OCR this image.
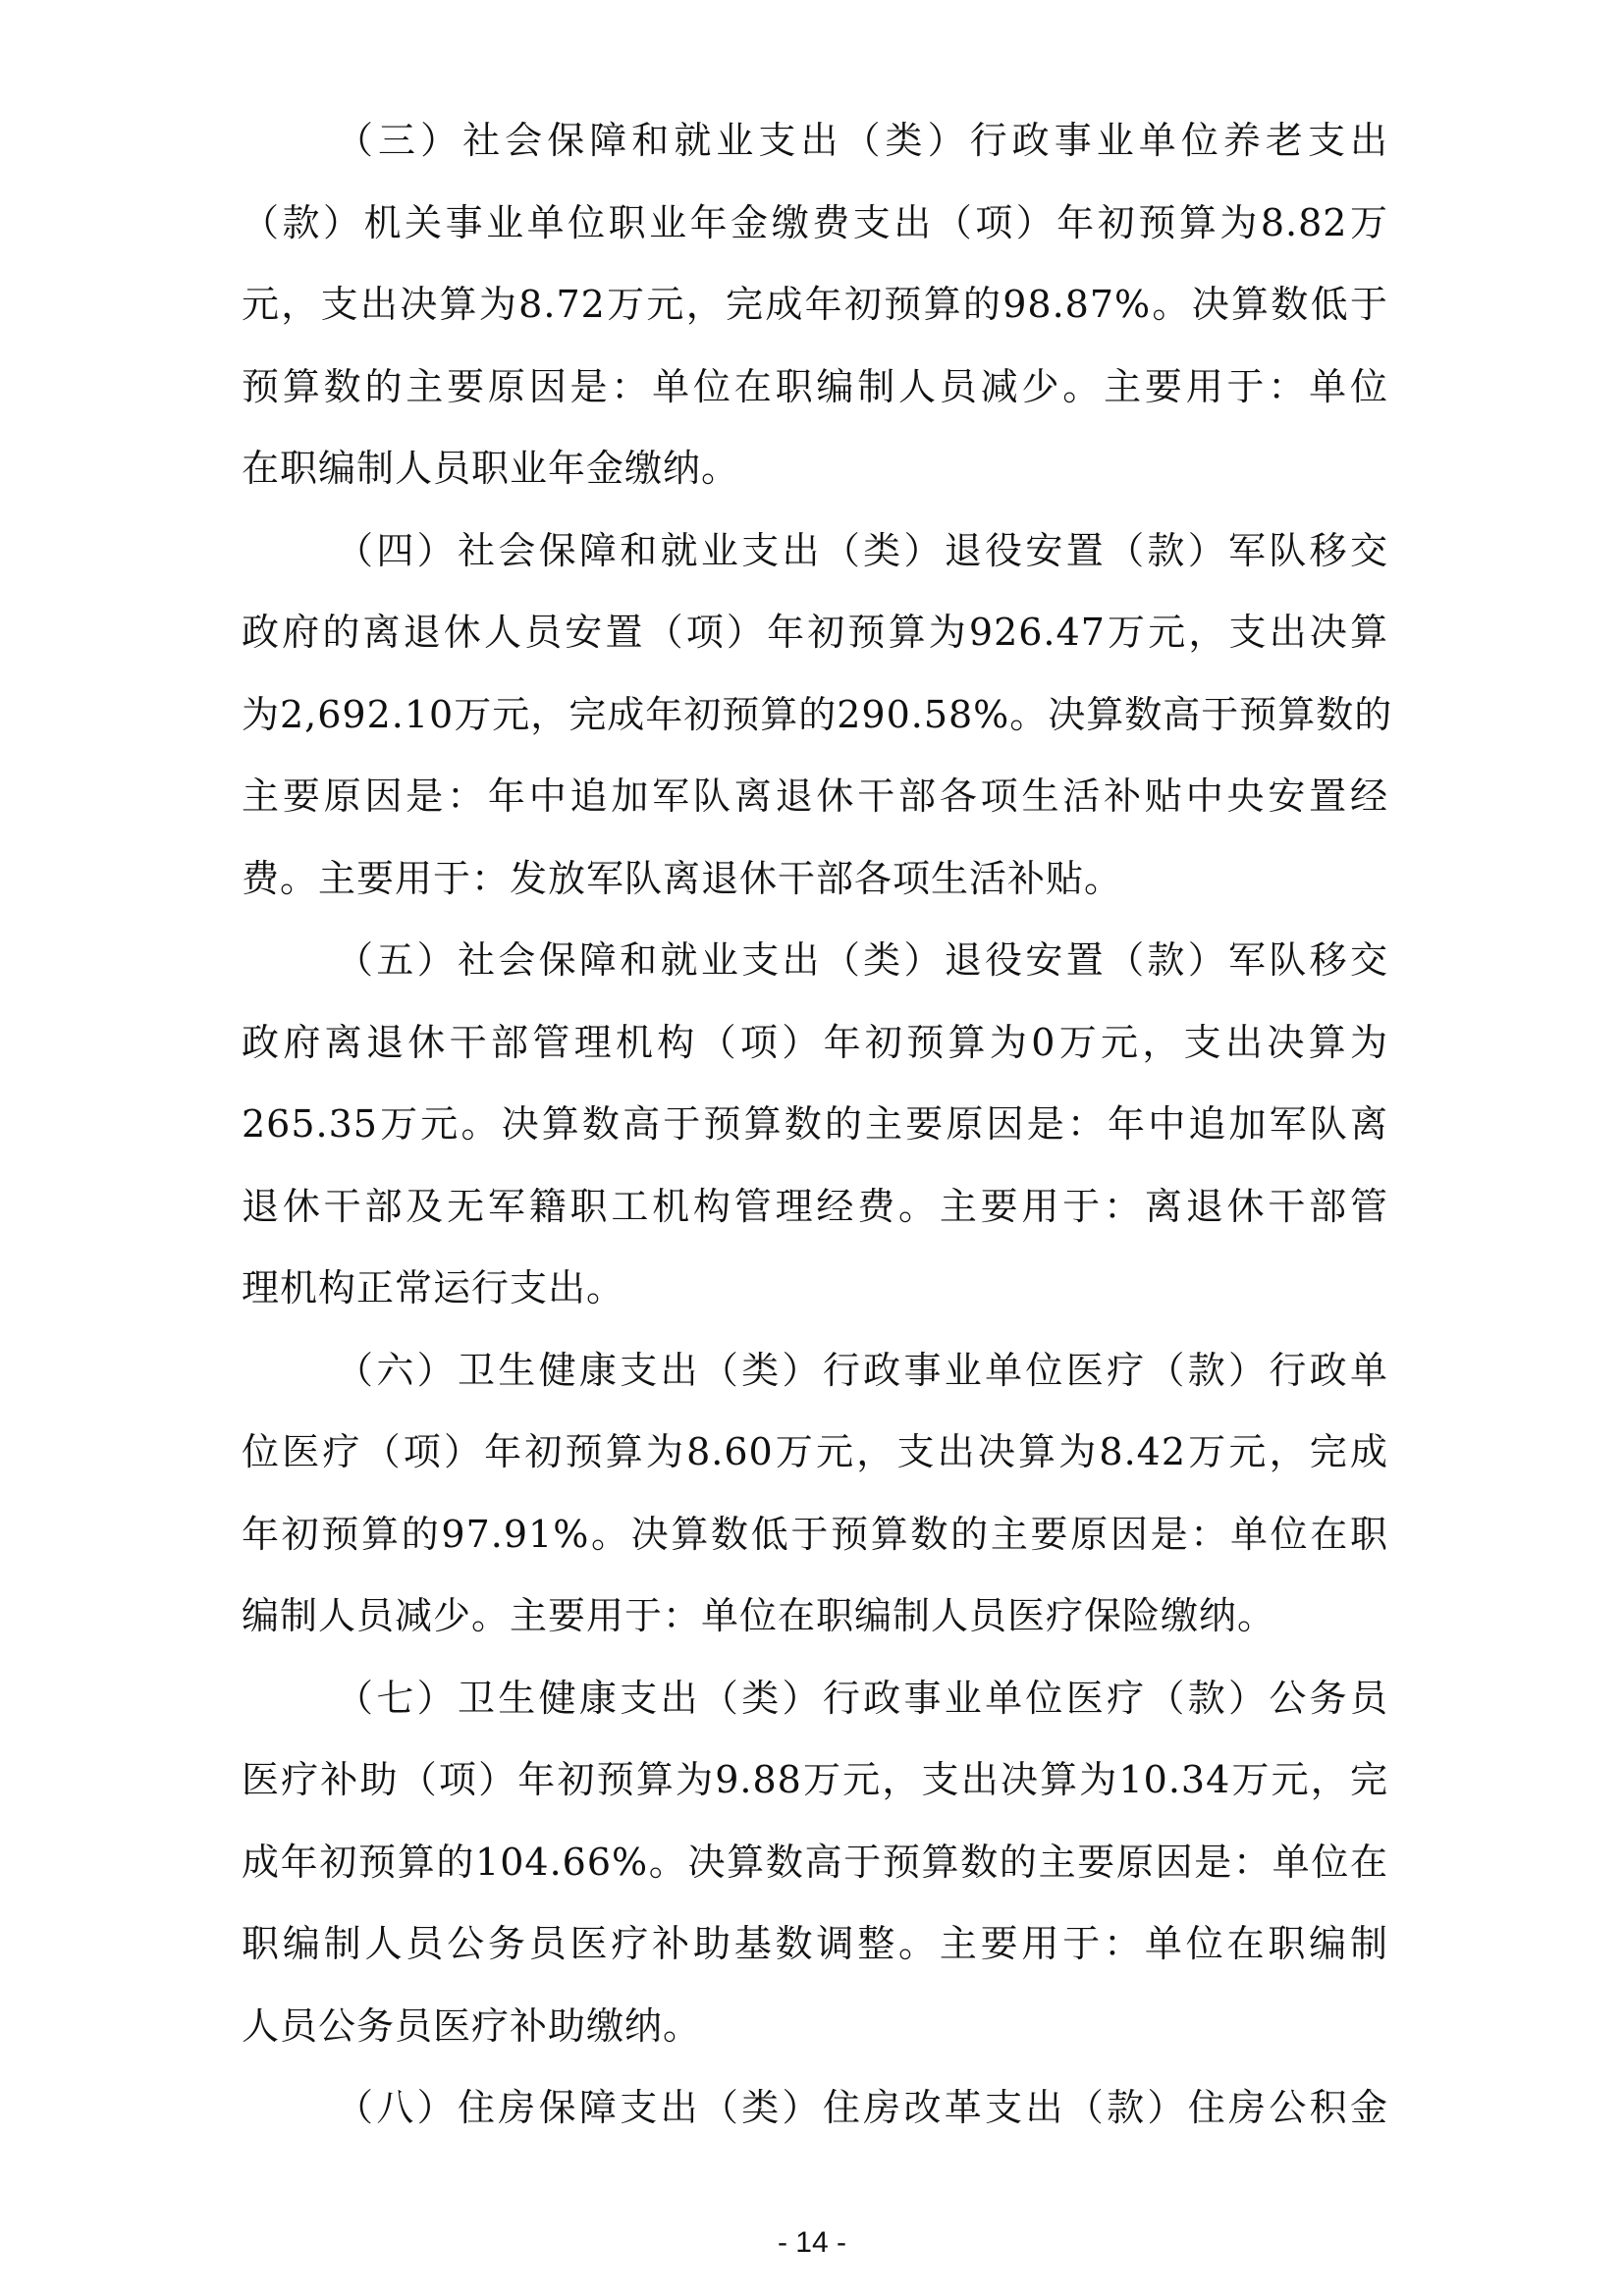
（三）社会保障和就业支出（类）行政事业单位养老支出
（款）机关事业单位职业年金缴费支出（项）年初预算为8.82万
元，支出决算为8.72万元，完成年初预算的98.87%。决算数低于
预算数的主要原因是：单位在职编制人员减少。主要用于：单位
在职编制人员职业年金缴纳。
（四）社会保障和就业支出（类）退役安置（款）军队移交
政府的离退休人员安置（项）年初预算为926.47万元，支出决算
为2,692.10万元，完成年初预算的290.58%。决算数高于预算数的
主要原因是：年中追加军队离退休干部各项生活补贴中央安置经
费。主要用于：发放军队离退休干部各项生活补贴。
（五）社会保障和就业支出（类）退役安置（款）军队移交
政府离退休干部管理机构（项）年初预算为0万元，支出决算为
265.35万元。决算数高于预算数的主要原因是：年中追加军队离
退休干部及无军籍职工机构管理经费。主要用于：离退休干部管
理机构正常运行支出。
（六）卫生健康支出（类）行政事业单位医疗（款）行政单
位医疗（项）年初预算为8.60万元，支出决算为8.42万元，完成
年初预算的97.91%。决算数低于预算数的主要原因是：单位在职
编制人员减少。主要用于：单位在职编制人员医疗保险缴纳。
（七）卫生健康支出（类）行政事业单位医疗（款）公务员
医疗补助（项）年初预算为9.88万元，支出决算为10.34万元，完
成年初预算的104.66%。决算数高于预算数的主要原因是：单位在
职编制人员公务员医疗补助基数调整。主要用于：单位在职编制
人员公务员医疗补助缴纳。
（八）住房保障支出（类）住房改革支出（款）住房公积金
- 14 -
